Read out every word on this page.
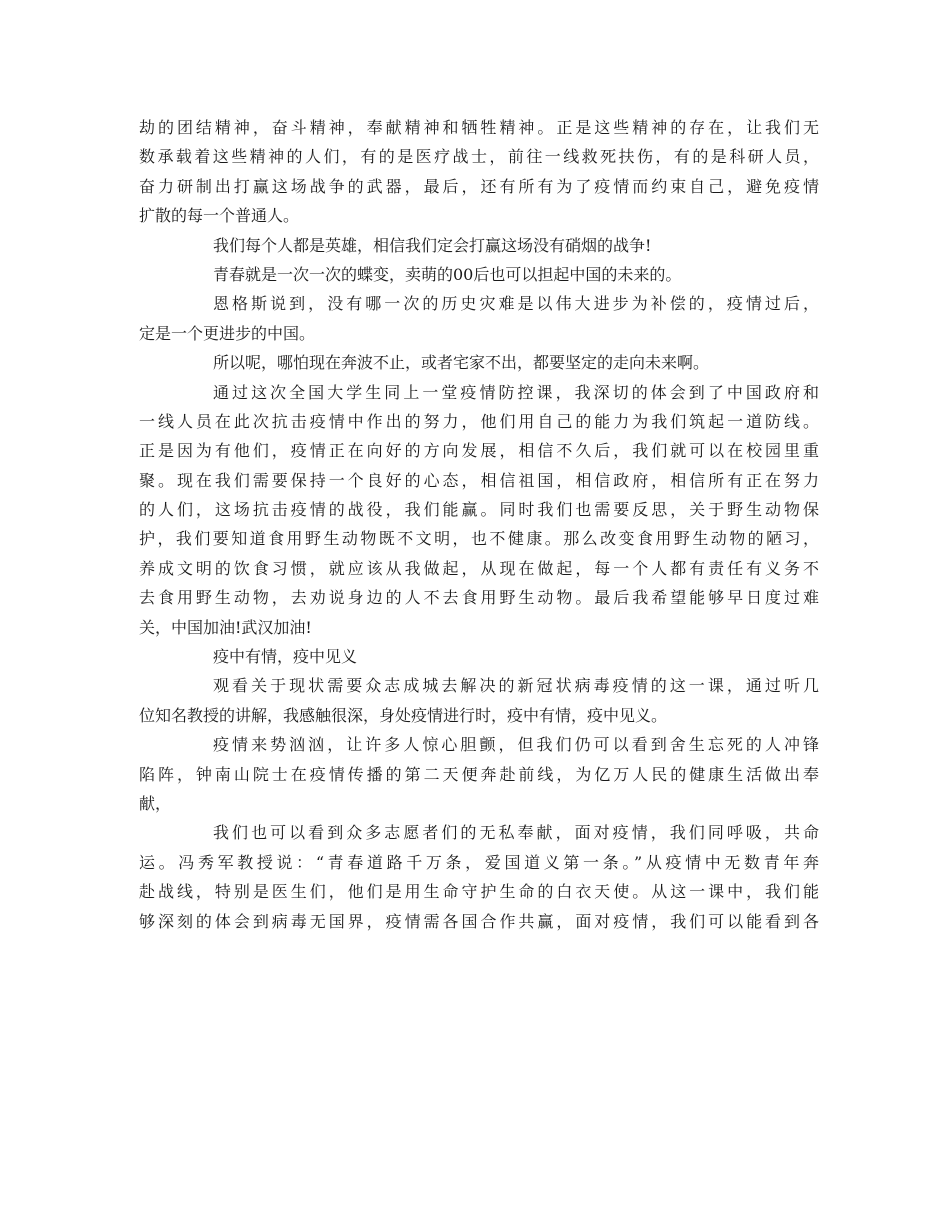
劫的团结精神，奋斗精神，奉献精神和牺牲精神。正是这些精神的存在，让我们无
数承载着这些精神的人们，有的是医疗战士，前往一线救死扶伤，有的是科研人员，
奋力研制出打赢这场战争的武器，最后，还有所有为了疫情而约束自己，避免疫情
扩散的每一个普通人。
我们每个人都是英雄，相信我们定会打赢这场没有硝烟的战争!
青春就是一次一次的蝶变，卖萌的00后也可以担起中国的未来的。
恩格斯说到，没有哪一次的历史灾难是以伟大进步为补偿的，疫情过后，
定是一个更进步的中国。
所以呢，哪怕现在奔波不止，或者宅家不出，都要坚定的走向未来啊。
通过这次全国大学生同上一堂疫情防控课，我深切的体会到了中国政府和
一线人员在此次抗击疫情中作出的努力，他们用自己的能力为我们筑起一道防线。
正是因为有他们，疫情正在向好的方向发展，相信不久后，我们就可以在校园里重
聚。现在我们需要保持一个良好的心态，相信祖国，相信政府，相信所有正在努力
的人们，这场抗击疫情的战役，我们能赢。同时我们也需要反思，关于野生动物保
护，我们要知道食用野生动物既不文明，也不健康。那么改变食用野生动物的陋习，
养成文明的饮食习惯，就应该从我做起，从现在做起，每一个人都有责任有义务不
去食用野生动物，去劝说身边的人不去食用野生动物。最后我希望能够早日度过难
关，中国加油!武汉加油!
疫中有情，疫中见义
观看关于现状需要众志成城去解决的新冠状病毒疫情的这一课，通过听几
位知名教授的讲解，我感触很深，身处疫情进行时，疫中有情，疫中见义。
疫情来势汹汹，让许多人惊心胆颤，但我们仍可以看到舍生忘死的人冲锋
陷阵，钟南山院士在疫情传播的第二天便奔赴前线，为亿万人民的健康生活做出奉
献，
我们也可以看到众多志愿者们的无私奉献，面对疫情，我们同呼吸，共命
运。冯秀军教授说：“青春道路千万条，爱国道义第一条。”从疫情中无数青年奔
赴战线，特别是医生们，他们是用生命守护生命的白衣天使。从这一课中，我们能
够深刻的体会到病毒无国界，疫情需各国合作共赢，面对疫情，我们可以能看到各
